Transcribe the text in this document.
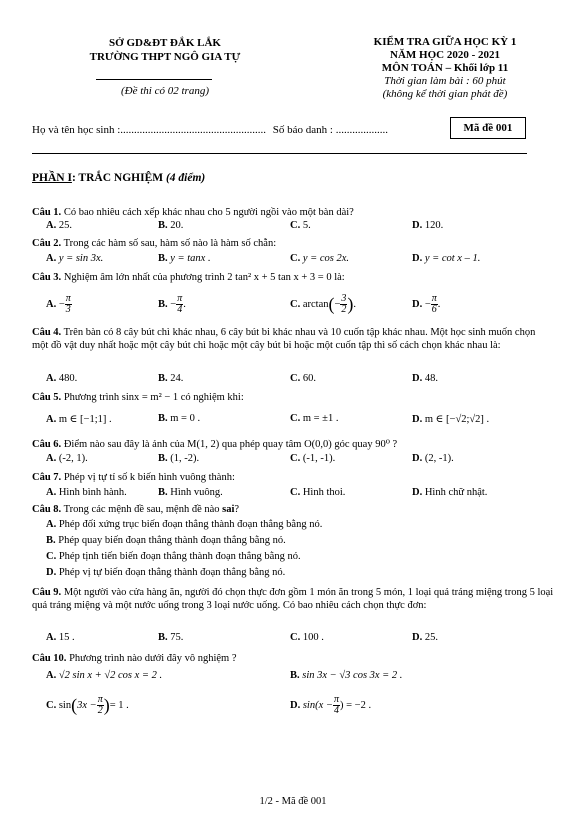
SỞ GD&ĐT ĐẮK LẮK
TRƯỜNG THPT NGÔ GIA TỰ
(Đề thi có 02 trang)
KIỂM TRA GIỮA HỌC KỲ 1
NĂM HỌC 2020 - 2021
MÔN TOÁN – Khối lớp 11
Thời gian làm bài : 60 phút
(không kể thời gian phát đề)
Họ và tên học sinh :..................................................... Số báo danh : ...................	Mã đề 001
PHẦN I: TRẮC NGHIỆM (4 điểm)
Câu 1. Có bao nhiêu cách xếp khác nhau cho 5 người ngồi vào một bàn dài?
A. 25.	B. 20.	C. 5.	D. 120.
Câu 2. Trong các hàm số sau, hàm số nào là hàm số chẵn:
A. y = sin 3x.	B. y = tanx .	C. y = cos 2x.	D. y = cot x – 1.
Câu 3. Nghiệm âm lớn nhất của phương trình 2 tan² x + 5 tan x + 3 = 0 là:
A. − $\frac{\pi}{3}$	B. − $\frac{\pi}{4}$ .	C. $\arctan(- \frac{3}{2}$ ).	D. − $\frac{\pi}{6}$ .
Câu 4. Trên bàn có 8 cây bút chì khác nhau, 6 cây bút bi khác nhau và 10 cuốn tập khác nhau. Một học sinh muốn chọn một đồ vật duy nhất hoặc một cây bút chì hoặc một cây bút bi hoặc một cuốn tập thì số cách chọn khác nhau là:
A. 480.	B. 24.	C. 60.	D. 48.
Câu 5. Phương trình sinx = m² − 1 có nghiệm khi:
A. m ∈ [−1;1] .	B. m = 0 .	C. m = ±1 .	D. m ∈ [−√2;√2] .
Câu 6. Điểm nào sau đây là ảnh của M(1, 2) qua phép quay tâm O(0,0) góc quay 90⁰ ?
A. (-2, 1).	B. (1, -2).	C. (-1, -1).	D. (2, -1).
Câu 7. Phép vị tự tỉ số k biến hình vuông thành:
A. Hình bình hành.	B. Hình vuông.	C. Hình thoi.	D. Hình chữ nhật.
Câu 8. Trong các mệnh đề sau, mệnh đề nào sai?
A. Phép đối xứng trục biến đoạn thẳng thành đoạn thẳng bằng nó.
B. Phép quay biến đoạn thẳng thành đoạn thẳng bằng nó.
C. Phép tịnh tiến biến đoạn thẳng thành đoạn thẳng bằng nó.
D. Phép vị tự biến đoạn thẳng thành đoạn thẳng bằng nó.
Câu 9. Một người vào cửa hàng ăn, người đó chọn thực đơn gồm 1 món ăn trong 5 món, 1 loại quả tráng miệng trong 5 loại quả tráng miệng và một nước uống trong 3 loại nước uống. Có bao nhiêu cách chọn thực đơn:
A. 15 .	B. 75.	C. 100 .	D. 25.
Câu 10. Phương trình nào dưới đây vô nghiệm ?
A. √2 sin x + √2 cos x = 2 .	B. sin 3x − √3 cos 3x = 2 .
C. $\sin(3x - \frac{\pi}{2}$ )= 1 .	D. $\sin(x - \frac{\pi}{4}$ ) = −2 .
1/2 - Mã đề 001
